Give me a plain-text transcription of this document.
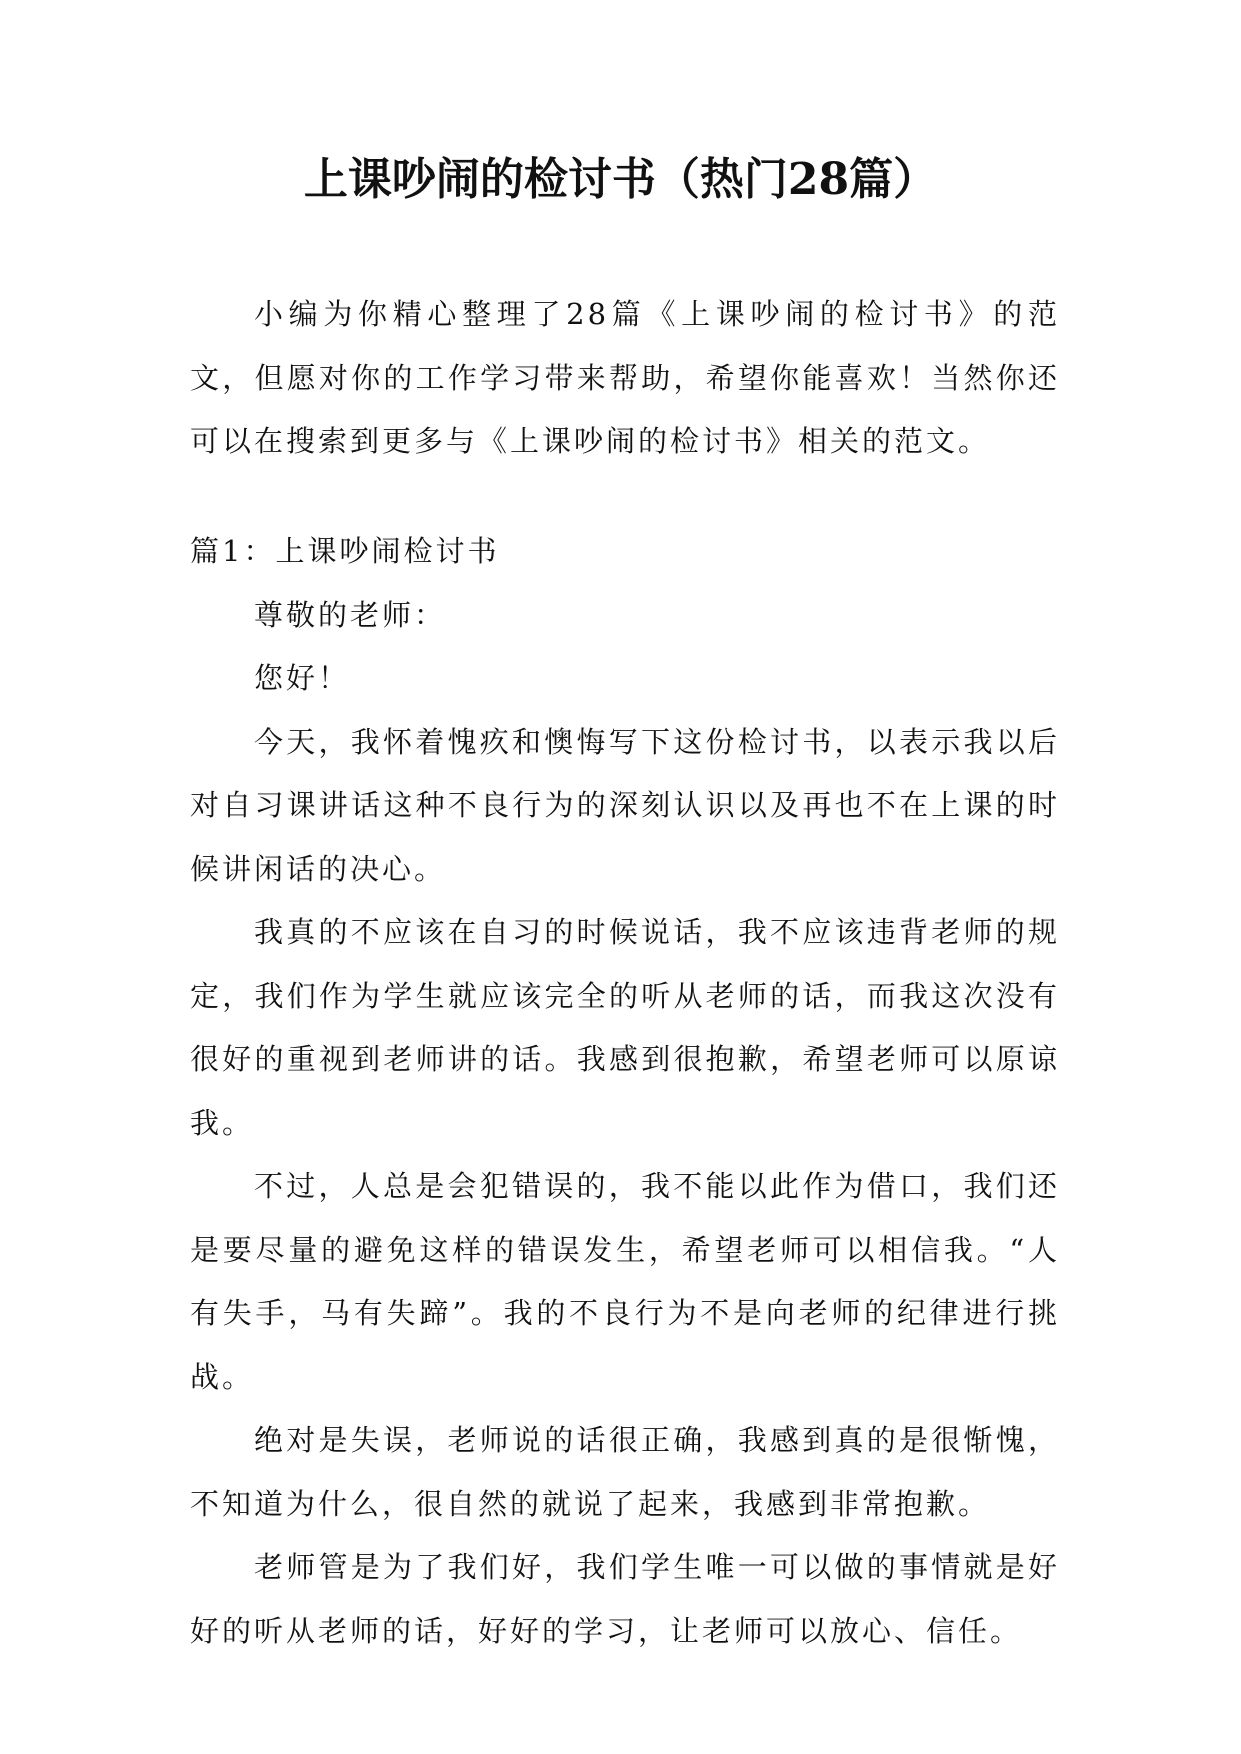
上课吵闹的检讨书（热门28篇）

小编为你精心整理了28篇《上课吵闹的检讨书》的范文，但愿对你的工作学习带来帮助，希望你能喜欢！当然你还可以在搜索到更多与《上课吵闹的检讨书》相关的范文。

篇1：上课吵闹检讨书

尊敬的老师：

您好！

今天，我怀着愧疚和懊悔写下这份检讨书，以表示我以后对自习课讲话这种不良行为的深刻认识以及再也不在上课的时候讲闲话的决心。

我真的不应该在自习的时候说话，我不应该违背老师的规定，我们作为学生就应该完全的听从老师的话，而我这次没有很好的重视到老师讲的话。我感到很抱歉，希望老师可以原谅我。

不过，人总是会犯错误的，我不能以此作为借口，我们还是要尽量的避免这样的错误发生，希望老师可以相信我。“人有失手，马有失蹄”。我的不良行为不是向老师的纪律进行挑战。

绝对是失误，老师说的话很正确，我感到真的是很惭愧，不知道为什么，很自然的就说了起来，我感到非常抱歉。

老师管是为了我们好，我们学生唯一可以做的事情就是好好的听从老师的话，好好的学习，让老师可以放心、信任。
